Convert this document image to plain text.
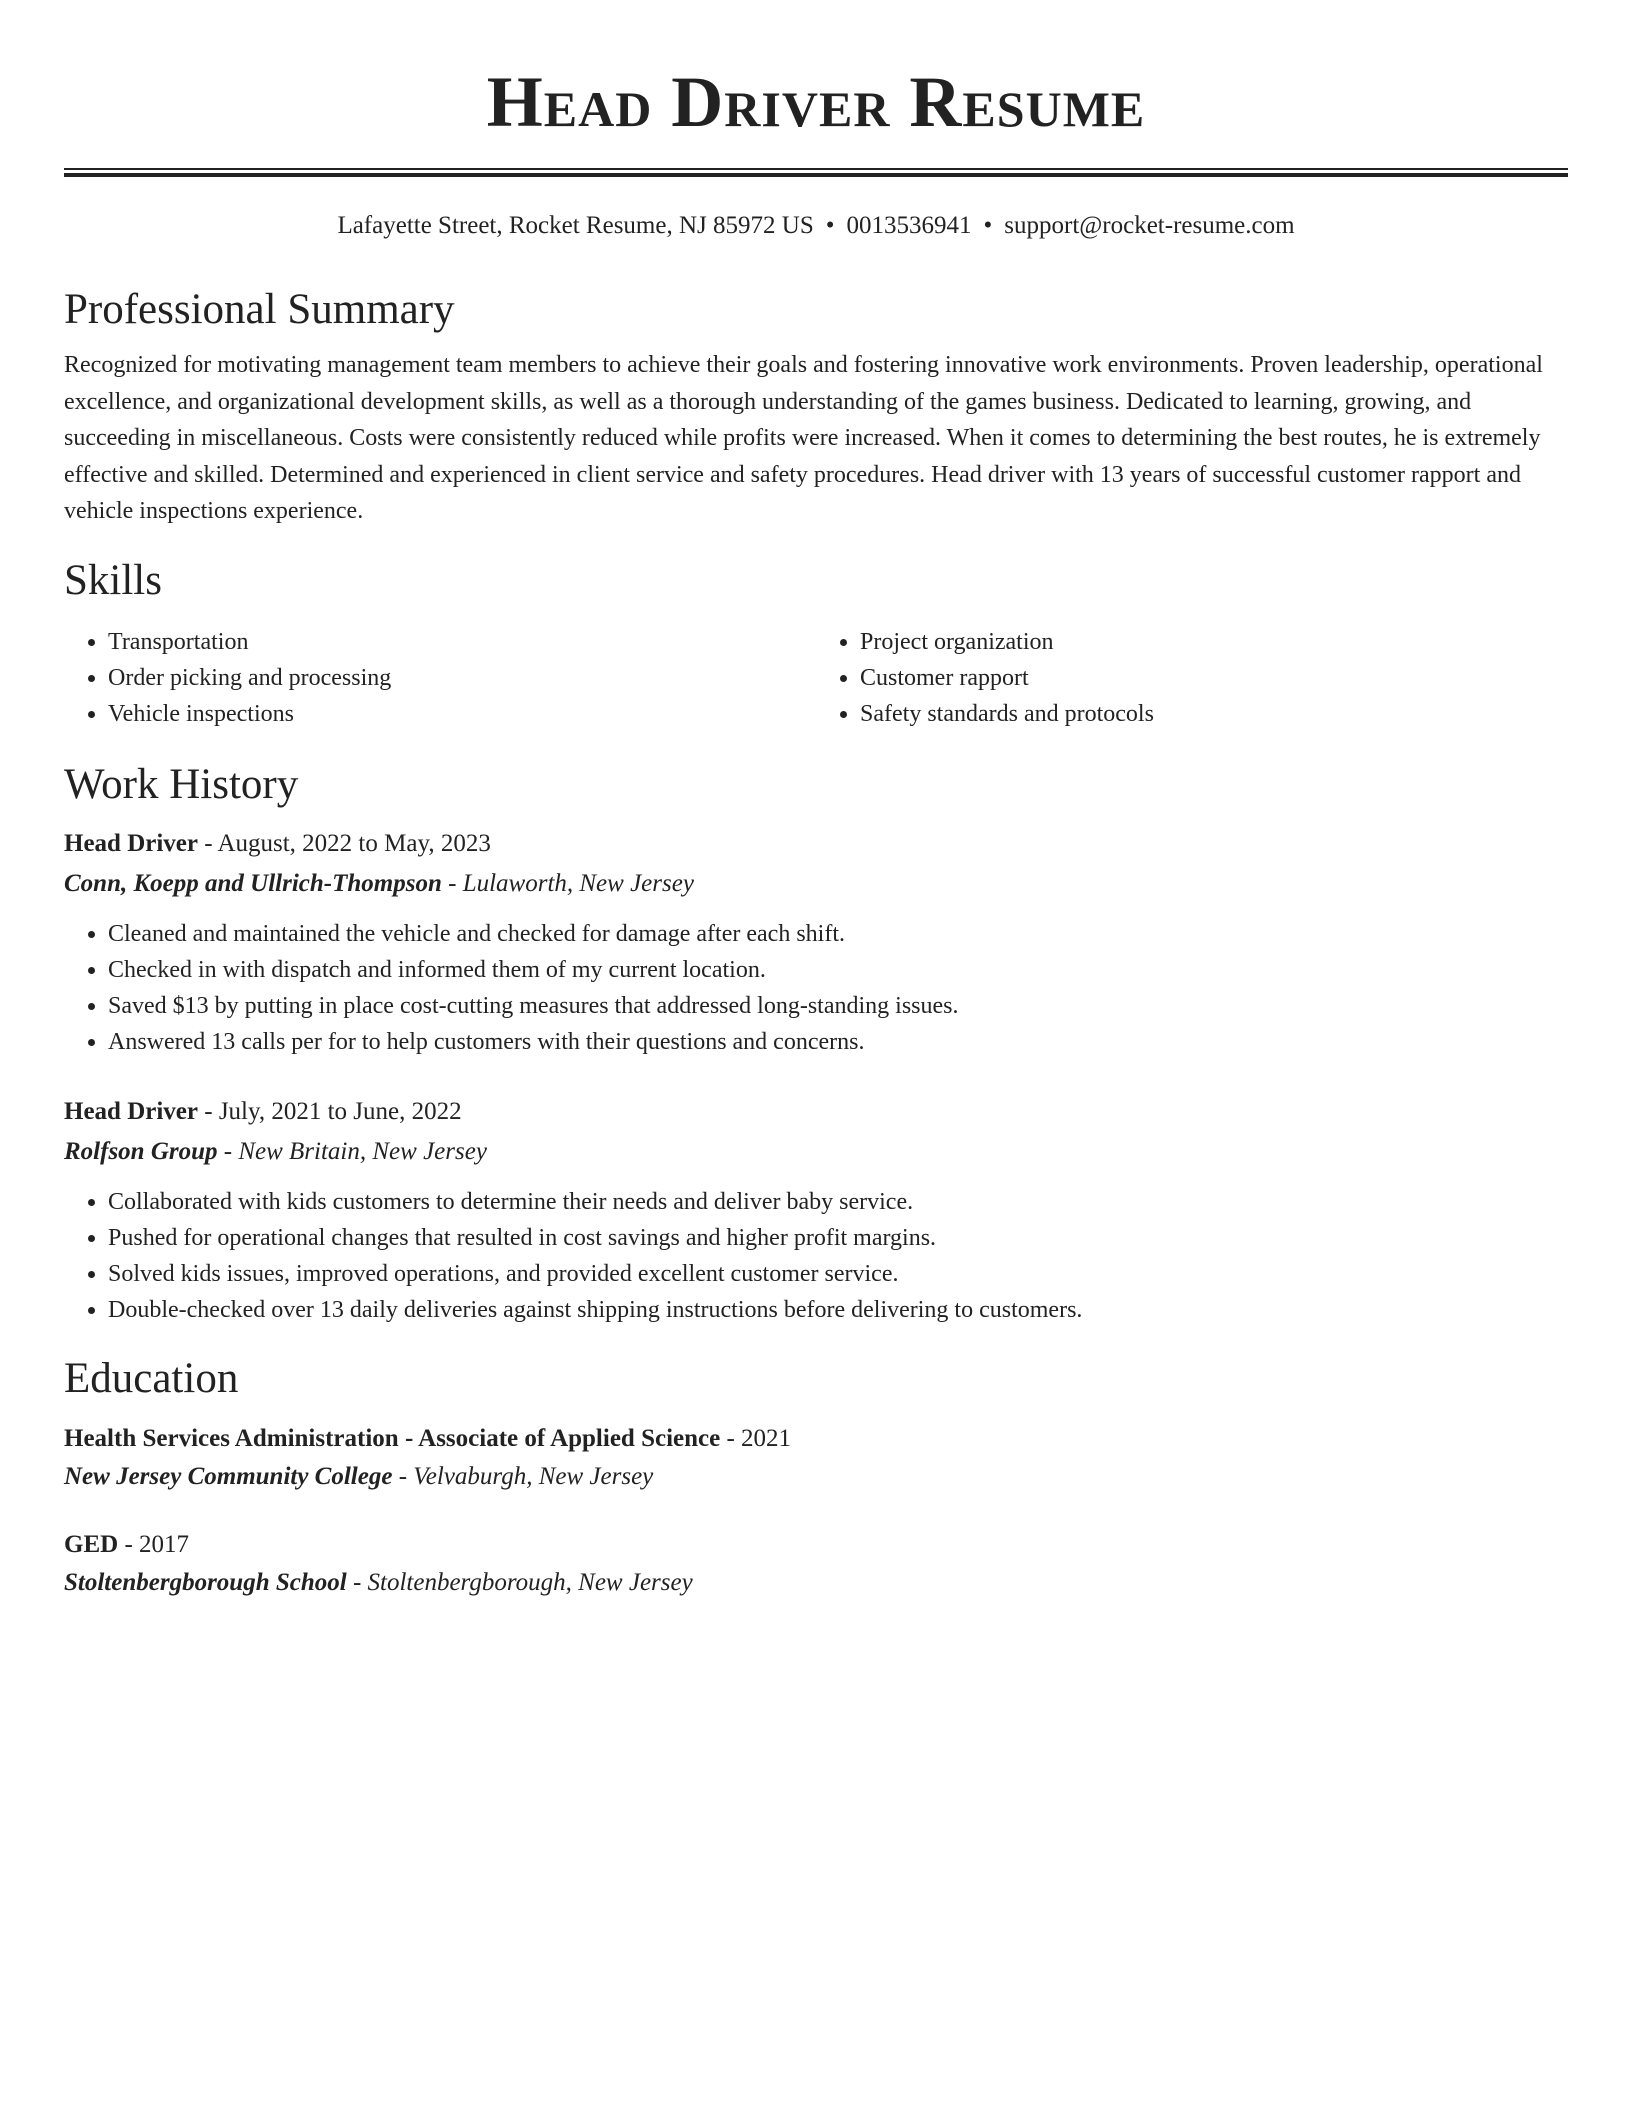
Head Driver Resume
Lafayette Street, Rocket Resume, NJ 85972 US • 0013536941 • support@rocket-resume.com
Professional Summary

Recognized for motivating management team members to achieve their goals and fostering innovative work environments. Proven leadership, operational excellence, and organizational development skills, as well as a thorough understanding of the games business. Dedicated to learning, growing, and succeeding in miscellaneous. Costs were consistently reduced while profits were increased. When it comes to determining the best routes, he is extremely effective and skilled. Determined and experienced in client service and safety procedures. Head driver with 13 years of successful customer rapport and vehicle inspections experience.

Skills
• Transportation
• Order picking and processing
• Vehicle inspections
• Project organization
• Customer rapport
• Safety standards and protocols
Work History
Head Driver - August, 2022 to May, 2023
Conn, Koepp and Ullrich-Thompson - Lulaworth, New Jersey
• Cleaned and maintained the vehicle and checked for damage after each shift.
• Checked in with dispatch and informed them of my current location.
• Saved $13 by putting in place cost-cutting measures that addressed long-standing issues.
• Answered 13 calls per for to help customers with their questions and concerns.
Head Driver - July, 2021 to June, 2022
Rolfson Group - New Britain, New Jersey
• Collaborated with kids customers to determine their needs and deliver baby service.
• Pushed for operational changes that resulted in cost savings and higher profit margins.
• Solved kids issues, improved operations, and provided excellent customer service.
• Double-checked over 13 daily deliveries against shipping instructions before delivering to customers.
Education
Health Services Administration - Associate of Applied Science - 2021
New Jersey Community College - Velvaburgh, New Jersey
GED - 2017
Stoltenbergborough School - Stoltenbergborough, New Jersey
